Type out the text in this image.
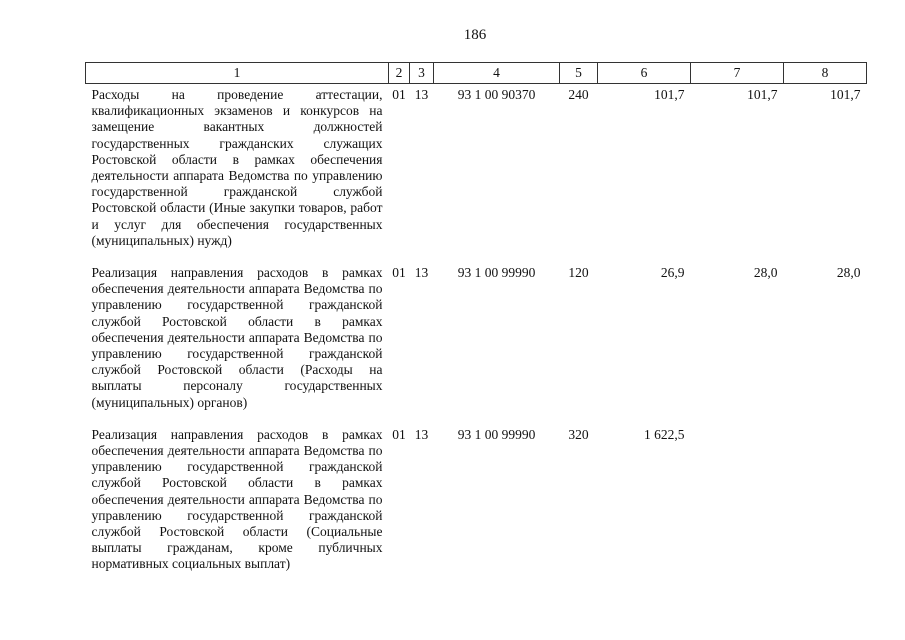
186
1	2	3	4	5	6	7	8
Расходы на проведение аттестации, квалификационных экзаменов и конкурсов на замещение вакантных должностей государственных гражданских служащих Ростовской области в рамках обеспечения деятельности аппарата Ведомства по управлению государственной гражданской службой Ростовской области (Иные закупки товаров, работ и услуг для обеспечения государственных (муниципальных) нужд)	01	13	93 1 00 90370	240	101,7	101,7	101,7
Реализация направления расходов в рамках обеспечения деятельности аппарата Ведомства по управлению государственной гражданской службой Ростовской области в рамках обеспечения деятельности аппарата Ведомства по управлению государственной гражданской службой Ростовской области (Расходы на выплаты персоналу государственных (муниципальных) органов)	01	13	93 1 00 99990	120	26,9	28,0	28,0
Реализация направления расходов в рамках обеспечения деятельности аппарата Ведомства по управлению государственной гражданской службой Ростовской области в рамках обеспечения деятельности аппарата Ведомства по управлению государственной гражданской службой Ростовской области (Социальные выплаты гражданам, кроме публичных нормативных социальных выплат)	01	13	93 1 00 99990	320	1 622,5		
